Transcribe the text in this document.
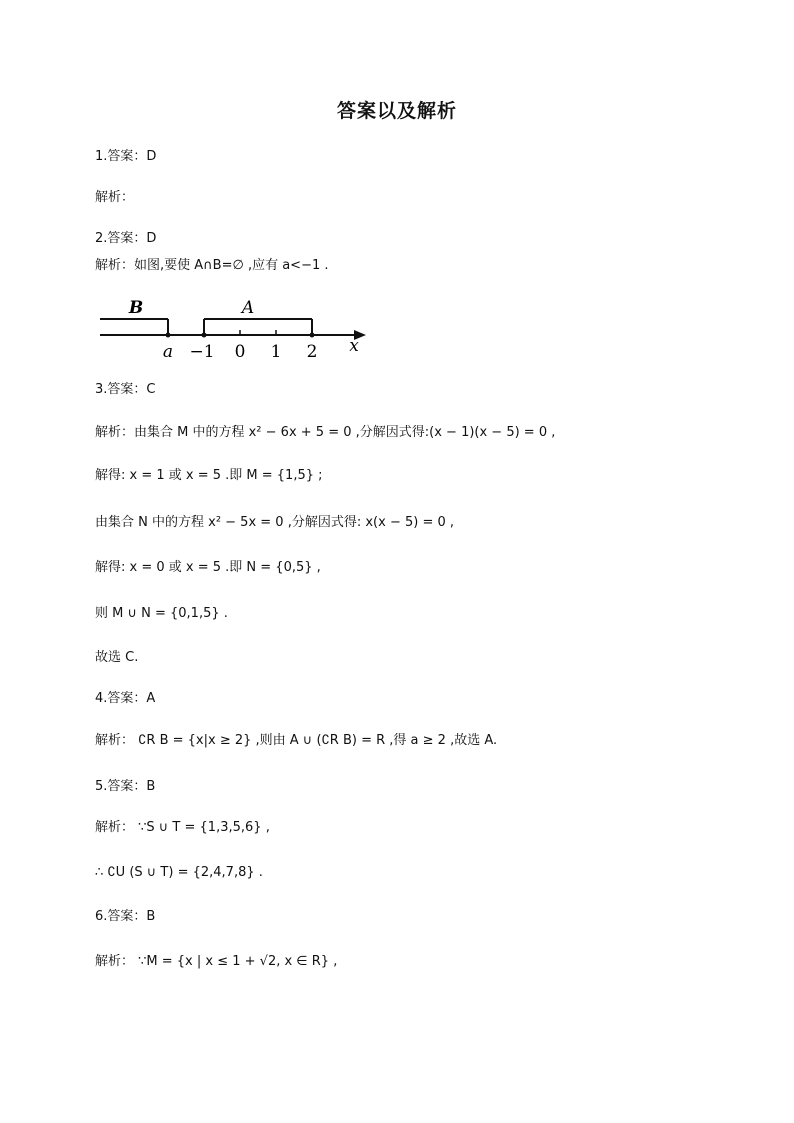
答案以及解析
1.答案：D
解析：
2.答案：D
解析：如图,要使 A∩B=∅ ,应有 a<−1 .
B	A
a −1 0 1 2 x
3.答案：C
解析：由集合 M 中的方程 x² − 6x + 5 = 0 ,分解因式得:(x − 1)(x − 5) = 0 ,
解得: x = 1 或 x = 5 .即 M = {1,5} ;
由集合 N 中的方程 x² − 5x = 0 ,分解因式得: x(x − 5) = 0 ,
解得: x = 0 或 x = 5 .即 N = {0,5} ,
则 M ∪ N = {0,1,5} .
故选 C.
4.答案：A
解析： ∁R B = {x|x ≥ 2} ,则由 A ∪ (∁R B) = R ,得 a ≥ 2 ,故选 A.
5.答案：B
解析： ∵S ∪ T = {1,3,5,6} ,
∴ ∁U (S ∪ T) = {2,4,7,8} .
6.答案：B
解析： ∵M = {x | x ≤ 1 + √2, x ∈ R} ,
